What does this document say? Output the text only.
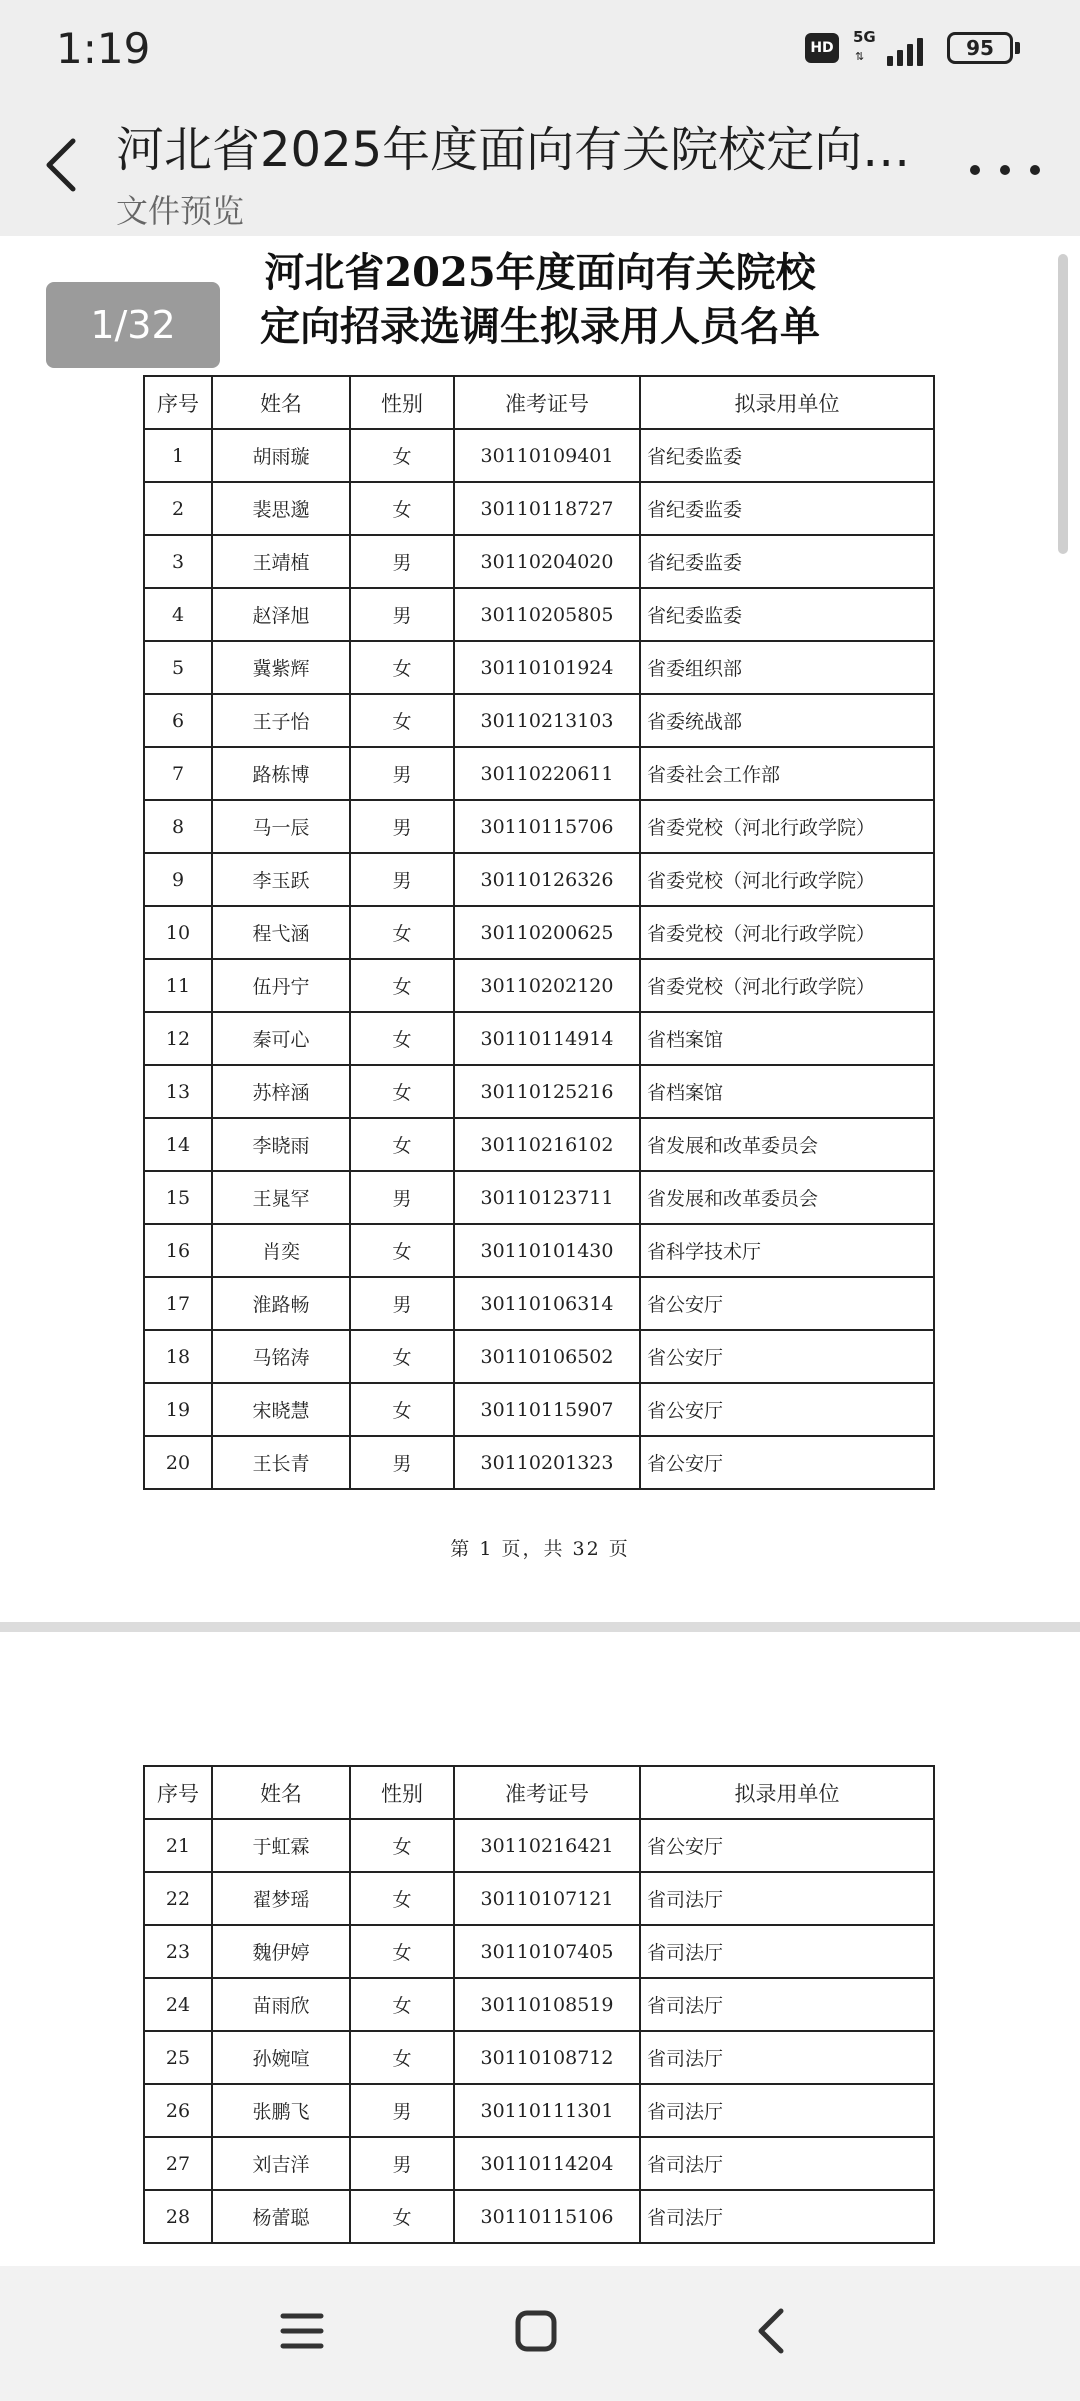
1:19	HD
5G
⇅	95
河北省2025年度面向有关院校定向…
文件预览
河北省2025年度面向有关院校
定向招录选调生拟录用人员名单
1/32
序号	姓名	性别	准考证号	拟录用单位
1	胡雨璇	女	30110109401	省纪委监委
2	裴思邈	女	30110118727	省纪委监委
3	王靖植	男	30110204020	省纪委监委
4	赵泽旭	男	30110205805	省纪委监委
5	冀紫辉	女	30110101924	省委组织部
6	王子怡	女	30110213103	省委统战部
7	路栋博	男	30110220611	省委社会工作部
8	马一辰	男	30110115706	省委党校（河北行政学院）
9	李玉跃	男	30110126326	省委党校（河北行政学院）
10	程弋涵	女	30110200625	省委党校（河北行政学院）
11	伍丹宁	女	30110202120	省委党校（河北行政学院）
12	秦可心	女	30110114914	省档案馆
13	苏梓涵	女	30110125216	省档案馆
14	李晓雨	女	30110216102	省发展和改革委员会
15	王晁罕	男	30110123711	省发展和改革委员会
16	肖奕	女	30110101430	省科学技术厅
17	淮路畅	男	30110106314	省公安厅
18	马铭涛	女	30110106502	省公安厅
19	宋晓慧	女	30110115907	省公安厅
20	王长青	男	30110201323	省公安厅
第 1 页，共 32 页
序号	姓名	性别	准考证号	拟录用单位
21	于虹霖	女	30110216421	省公安厅
22	翟梦瑶	女	30110107121	省司法厅
23	魏伊婷	女	30110107405	省司法厅
24	苗雨欣	女	30110108519	省司法厅
25	孙婉喧	女	30110108712	省司法厅
26	张鹏飞	男	30110111301	省司法厅
27	刘吉洋	男	30110114204	省司法厅
28	杨蕾聪	女	30110115106	省司法厅
